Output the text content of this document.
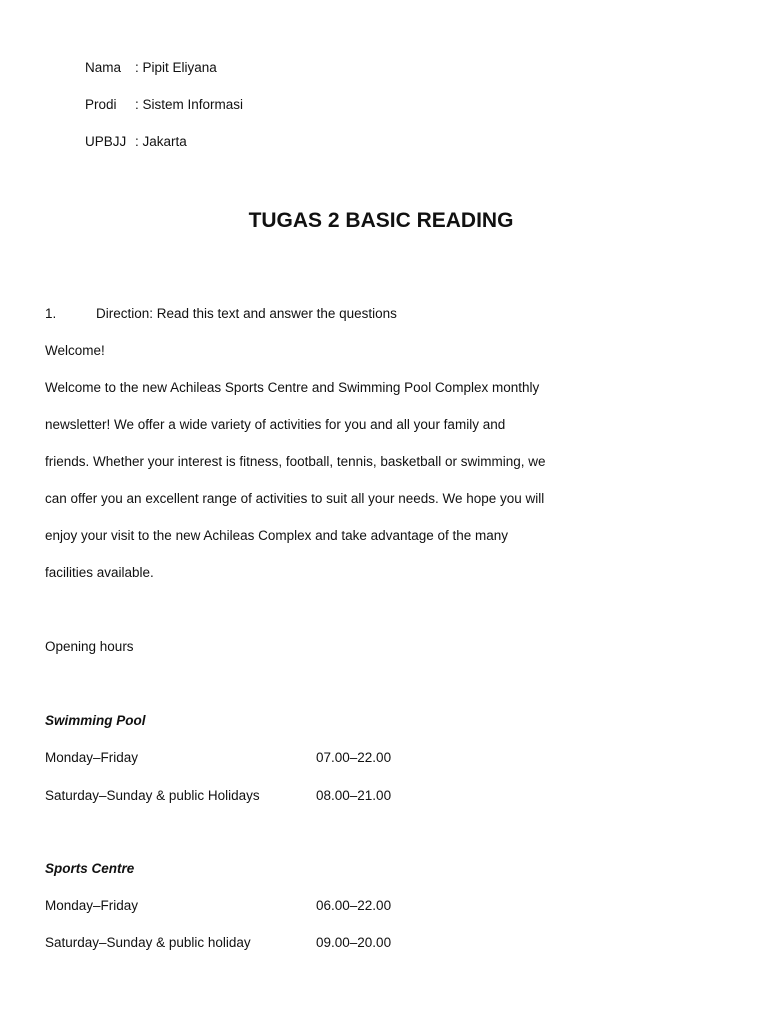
Nama : Pipit Eliyana
Prodi : Sistem Informasi
UPBJJ : Jakarta
TUGAS 2 BASIC READING
1.	Direction: Read this text and answer the questions
Welcome!
Welcome to the new Achileas Sports Centre and Swimming Pool Complex monthly
newsletter! We offer a wide variety of activities for you and all your family and
friends. Whether your interest is fitness, football, tennis, basketball or swimming, we
can offer you an excellent range of activities to suit all your needs. We hope you will
enjoy your visit to the new Achileas Complex and take advantage of the many
facilities available.
Opening hours
Swimming Pool
Monday–Friday	07.00–22.00
Saturday–Sunday & public Holidays	08.00–21.00
Sports Centre
Monday–Friday	06.00–22.00
Saturday–Sunday & public holiday	09.00–20.00
